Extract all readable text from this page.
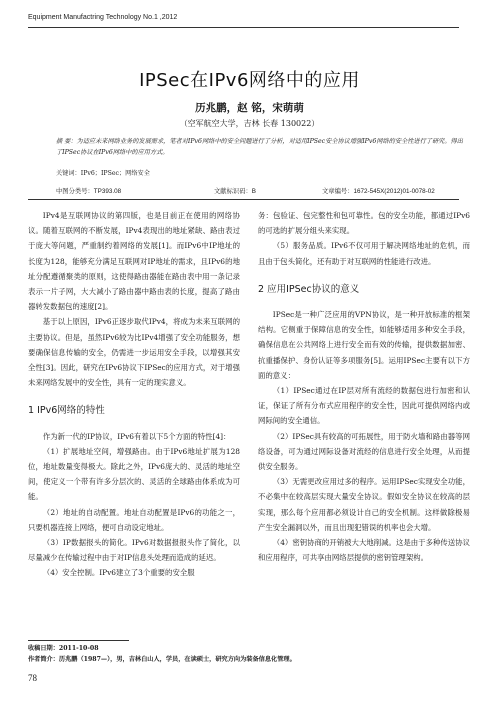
Equipment Manufactring Technology No.1 ,2012
IPSec在IPv6网络中的应用
历兆鹏，赵 铭，宋萌萌
（空军航空大学，吉林 长春 130022）
摘 要：为适应未来网络业务的发展需求，笔者对IPv6网络中的安全问题进行了分析，对适用IPSec安全协议增强IPv6网络的安全性进行了研究。得出了IPSec协议在IPv6网络中的应用方式。
关键词：IPv6；IPSec；网络安全
中图分类号：TP393.08	文献标识码：B	文章编号：1672-545X(2012)01-0078-02

IPv4是互联网协议的第四版，也是目前正在使用的网络协议。随着互联网的不断发展，IPv4表现出的地址紧缺、路由表过于庞大等问题，严重制约着网络的发展[1]。而IPv6中IP地址的长度为128，能够充分满足互联网对IP地址的需求，且IPv6的地址分配遵循聚类的原则，这使得路由器能在路由表中用一条记录表示一片子网，大大减小了路由器中路由表的长度，提高了路由器转发数据包的速度[2]。

基于以上原因，IPv6正逐步取代IPv4，将成为未来互联网的主要协议。但是，虽然IPv6较为比IPv4增强了安全功能服务，想要确保信息传输的安全，仍需进一步运用安全手段，以增强其安全性[3]。因此，研究在IPv6协议下IPSec的应用方式，对于增强未来网络发展中的安全性，具有一定的现实意义。

1 IPv6网络的特性

作为新一代的IP协议，IPv6有着以下5个方面的特性[4]：

（1）扩展地址空间，增强路由。由于IPv6地址扩展为128位，地址数量变得极大。除此之外，IPv6庞大的、灵活的地址空间，使定义一个带有许多分层次的、灵活的全球路由体系成为可能。

（2）地址的自动配置。地址自动配置是IPv6的功能之一，只要机器连接上网络，便可自动设定地址。

（3）IP数据报头的简化。IPv6对数据报报头作了简化，以尽量减少在传输过程中由于对IP信息头处理而造成的延迟。

（4）安全控制。IPv6建立了3个重要的安全服

务：包验证、包完整性和包可靠性。包的安全功能，都通过IPv6的可选的扩展分组头来实现。

（5）服务品质。IPv6不仅可用于解决网络地址的危机，而且由于包头简化，还有助于对互联网的性能进行改进。

2 应用IPSec协议的意义

IPSec是一种广泛应用的VPN协议，是一种开放标准的框架结构。它侧重于保障信息的安全性，如能够适用多种安全手段，确保信息在公共网络上进行安全而有效的传输，提供数据加密、抗重播保护、身份认证等多项服务[5]。运用IPSec主要有以下方面的意义：

（1）IPSec通过在IP层对所有流经的数据包进行加密和认证，保证了所有分布式应用程序的安全性，因此可提供网络内或网际间的安全通信。

（2）IPSec具有较高的可拓展性，用于防火墙和路由器等网络设备，可为通过网际设备对流经的信息进行安全处理，从而提供安全服务。

（3）无需更改应用过多的程序。运用IPSec实现安全功能，不必集中在较高层实现大量安全协议。假如安全协议在较高的层实现，那么每个应用都必须设计自己的安全机制。这样做除极易产生安全漏洞以外，而且出现犯错误的机率也会大增。

（4）密钥协商的开销被大大地削减。这是由于多种传送协议和应用程序，可共享由网络层提供的密钥管理架构。

收稿日期：2011-10-08
作者简介：历兆鹏（1987—），男，吉林白山人，学员，在读硕士，研究方向为装备信息化管理。
78
